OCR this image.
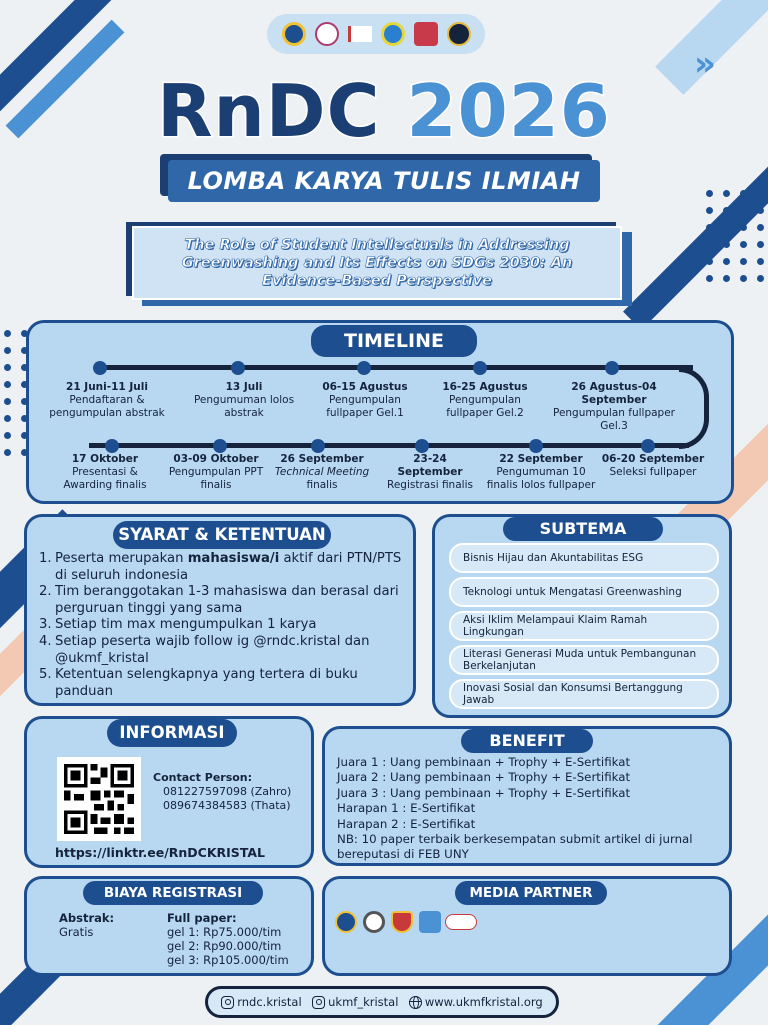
»
RnDC 2026
LOMBA KARYA TULIS ILMIAH
The Role of Student Intellectuals in Addressing Greenwashing and Its Effects on SDGs 2030: An Evidence-Based Perspective
TIMELINE
21 Juni-11 Juli
Pendaftaran & pengumpulan abstrak
13 Juli
Pengumuman lolos abstrak
06-15 Agustus
Pengumpulan fullpaper Gel.1
16-25 Agustus
Pengumpulan fullpaper Gel.2
26 Agustus-04 September
Pengumpulan fullpaper Gel.3
17 Oktober
Presentasi & Awarding finalis
03-09 Oktober
Pengumpulan PPT finalis
26 September
Technical Meeting
finalis
23-24 September
Registrasi finalis
22 September
Pengumuman 10 finalis lolos fullpaper
06-20 September
Seleksi fullpaper
SYARAT & KETENTUAN
1. Peserta merupakan mahasiswa/i aktif dari PTN/PTS di seluruh indonesia
2. Tim beranggotakan 1-3 mahasiswa dan berasal dari perguruan tinggi yang sama
3. Setiap tim max mengumpulkan 1 karya
4. Setiap peserta wajib follow ig @rndc.kristal dan @ukmf_kristal
5. Ketentuan selengkapnya yang tertera di buku panduan
SUBTEMA
Bisnis Hijau dan Akuntabilitas ESG
Teknologi untuk Mengatasi Greenwashing
Aksi Iklim Melampaui Klaim Ramah Lingkungan
Literasi Generasi Muda untuk Pembangunan Berkelanjutan
Inovasi Sosial dan Konsumsi Bertanggung Jawab
INFORMASI
Contact Person:
081227597098 (Zahro)
089674384583 (Thata)
https://linktr.ee/RnDCKRISTAL
BENEFIT
Juara 1 : Uang pembinaan + Trophy + E-Sertifikat
Juara 2 : Uang pembinaan + Trophy + E-Sertifikat
Juara 3 : Uang pembinaan + Trophy + E-Sertifikat
Harapan 1 : E-Sertifikat
Harapan 2 : E-Sertifikat
NB: 10 paper terbaik berkesempatan submit artikel di jurnal bereputasi di FEB UNY
BIAYA REGISTRASI
Abstrak:
Gratis
Full paper:
gel 1: Rp75.000/tim
gel 2: Rp90.000/tim
gel 3: Rp105.000/tim
MEDIA PARTNER
rndc.kristal ukmf_kristal www.ukmfkristal.org
